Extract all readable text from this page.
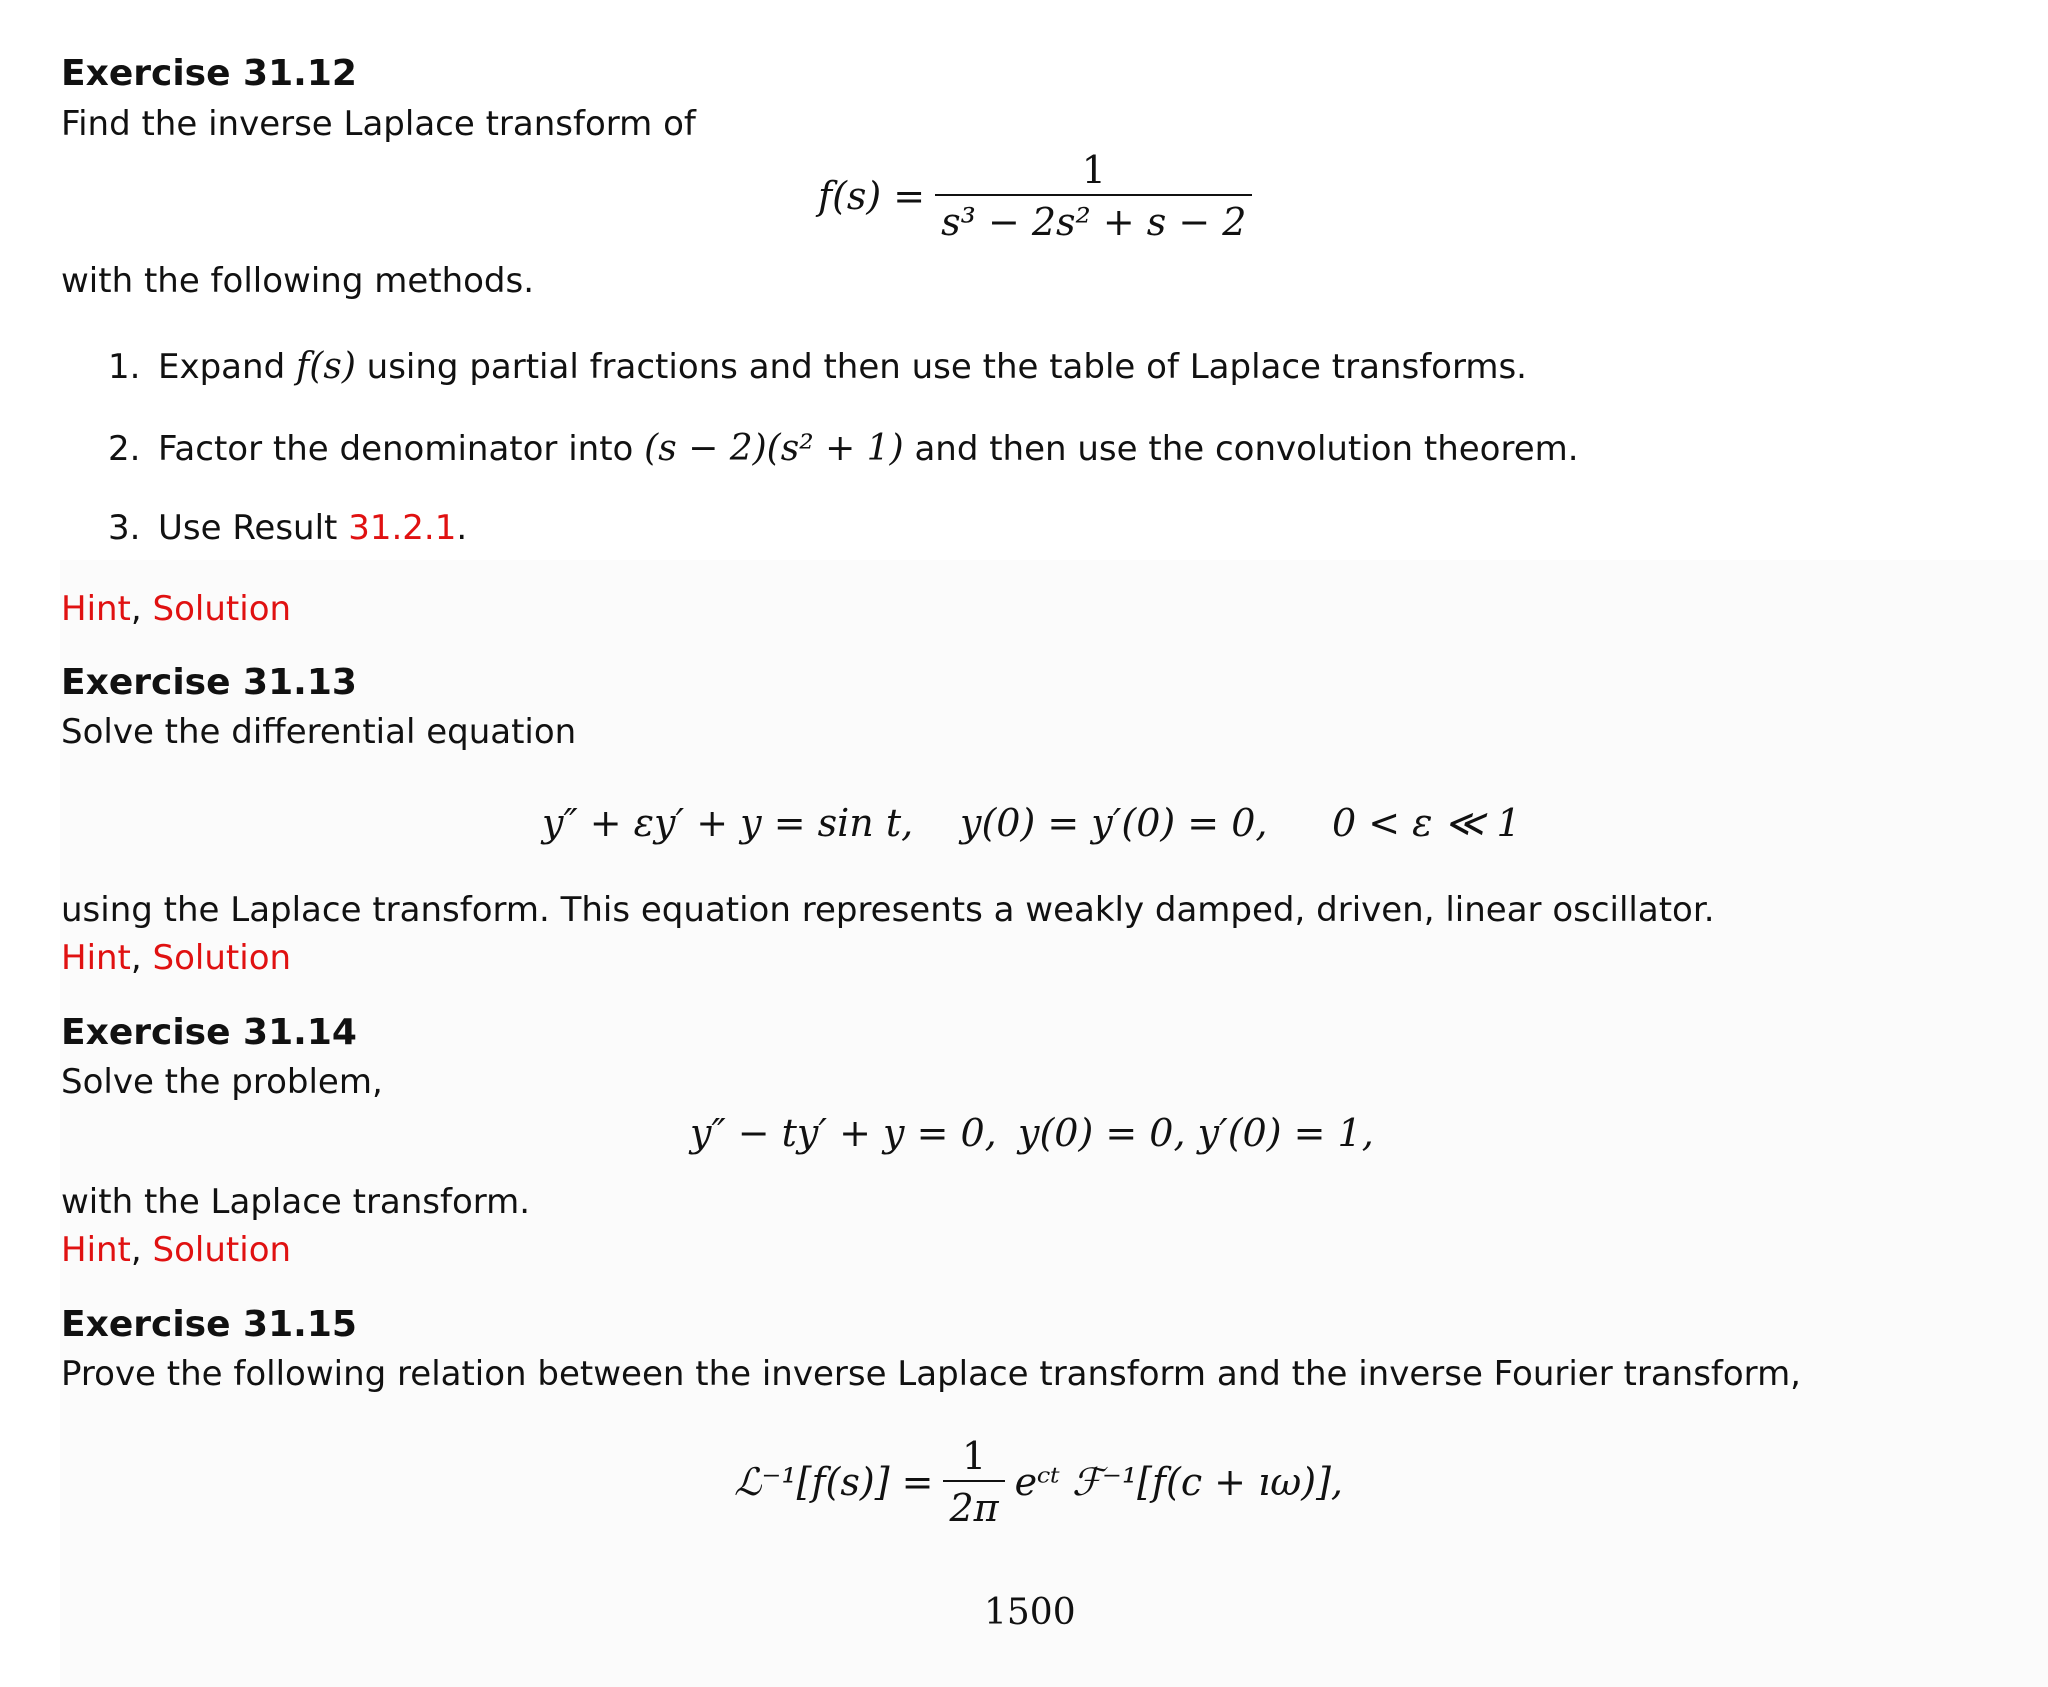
Exercise 31.12
Find the inverse Laplace transform of
$f(s) = \frac{1}{\text{s³ − 2s² + s − 2}}$
with the following methods.
1. Expand f(s) using partial fractions and then use the table of Laplace transforms.
2. Factor the denominator into (s − 2)(s² + 1) and then use the convolution theorem.
3. Use Result 31.2.1.
Hint, Solution
Exercise 31.13
Solve the differential equation
y″ + εy′ + y = sin t, y(0) = y′(0) = 0, 0 < ε ≪ 1
using the Laplace transform. This equation represents a weakly damped, driven, linear oscillator.
Hint, Solution
Exercise 31.14
Solve the problem,
y″ − ty′ + y = 0, y(0) = 0, y′(0) = 1,
with the Laplace transform.
Hint, Solution
Exercise 31.15
Prove the following relation between the inverse Laplace transform and the inverse Fourier transform,
ℒ⁻¹[f(s)] = $\frac{1}{2\pi}$ eᶜᵗ ℱ⁻¹[f(c + ıω)],
1500
